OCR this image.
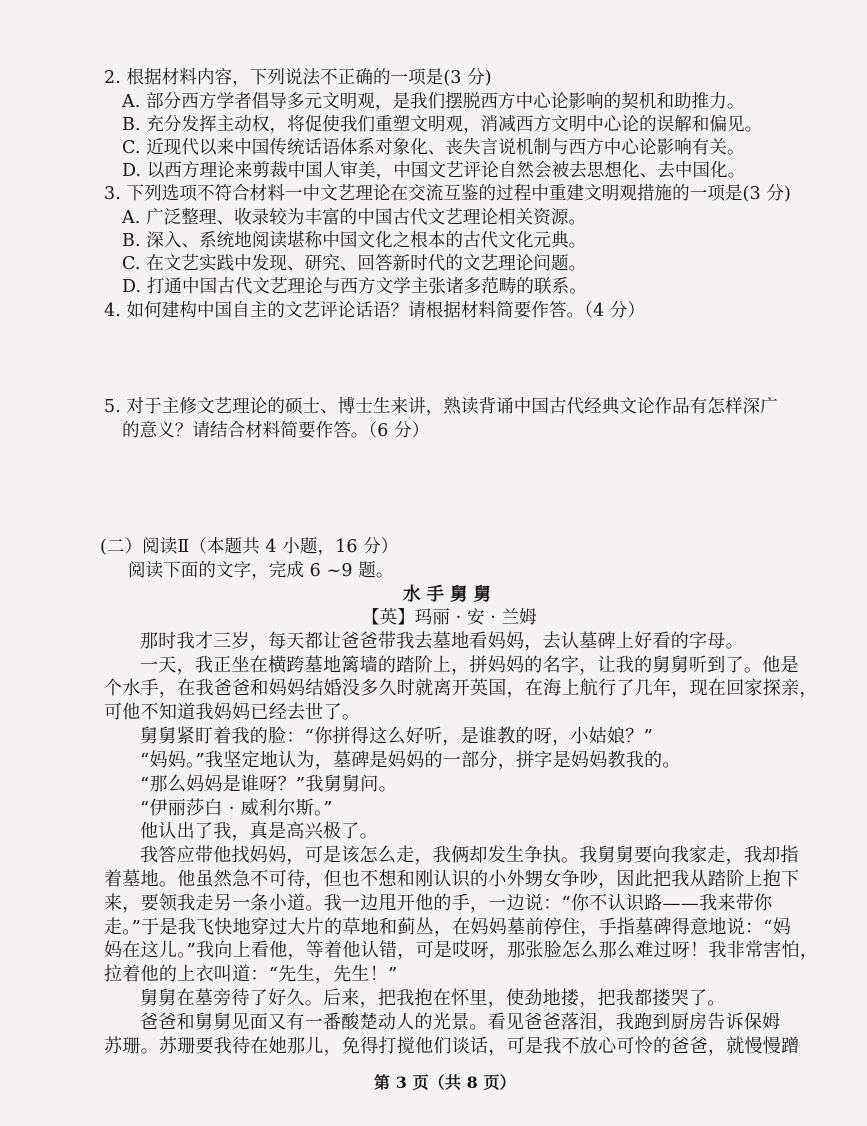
2. 根据材料内容，下列说法不正确的一项是(3 分)
A. 部分西方学者倡导多元文明观，是我们摆脱西方中心论影响的契机和助推力。
B. 充分发挥主动权，将促使我们重塑文明观，消减西方文明中心论的误解和偏见。
C. 近现代以来中国传统话语体系对象化、丧失言说机制与西方中心论影响有关。
D. 以西方理论来剪裁中国人审美，中国文艺评论自然会被去思想化、去中国化。
3. 下列选项不符合材料一中文艺理论在交流互鉴的过程中重建文明观措施的一项是(3 分)
A. 广泛整理、收录较为丰富的中国古代文艺理论相关资源。
B. 深入、系统地阅读堪称中国文化之根本的古代文化元典。
C. 在文艺实践中发现、研究、回答新时代的文艺理论问题。
D. 打通中国古代文艺理论与西方文学主张诸多范畴的联系。
4. 如何建构中国自主的文艺评论话语？请根据材料简要作答。（4 分）
5. 对于主修文艺理论的硕士、博士生来讲，熟读背诵中国古代经典文论作品有怎样深广
的意义？请结合材料简要作答。（6 分）
(二）阅读Ⅱ（本题共 4 小题，16 分）
阅读下面的文字，完成 6 ~9 题。
水手舅舅
【英】玛丽 · 安 · 兰姆
那时我才三岁，每天都让爸爸带我去墓地看妈妈，去认墓碑上好看的字母。
一天，我正坐在横跨墓地篱墙的踏阶上，拼妈妈的名字，让我的舅舅听到了。他是
个水手，在我爸爸和妈妈结婚没多久时就离开英国，在海上航行了几年，现在回家探亲，
可他不知道我妈妈已经去世了。
舅舅紧盯着我的脸：“你拼得这么好听，是谁教的呀，小姑娘？”
“妈妈。”我坚定地认为，墓碑是妈妈的一部分，拼字是妈妈教我的。
“那么妈妈是谁呀？”我舅舅问。
“伊丽莎白 · 威利尔斯。”
他认出了我，真是高兴极了。
我答应带他找妈妈，可是该怎么走，我俩却发生争执。我舅舅要向我家走，我却指
着墓地。他虽然急不可待，但也不想和刚认识的小外甥女争吵，因此把我从踏阶上抱下
来，要领我走另一条小道。我一边甩开他的手，一边说：“你不认识路——我来带你
走。”于是我飞快地穿过大片的草地和蓟丛，在妈妈墓前停住，手指墓碑得意地说：“妈
妈在这儿。”我向上看他，等着他认错，可是哎呀，那张脸怎么那么难过呀！我非常害怕，
拉着他的上衣叫道：“先生，先生！”
舅舅在墓旁待了好久。后来，把我抱在怀里，使劲地搂，把我都搂哭了。
爸爸和舅舅见面又有一番酸楚动人的光景。看见爸爸落泪，我跑到厨房告诉保姆
苏珊。苏珊要我待在她那儿，免得打搅他们谈话，可是我不放心可怜的爸爸，就慢慢蹭
第 3 页（共 8 页）
